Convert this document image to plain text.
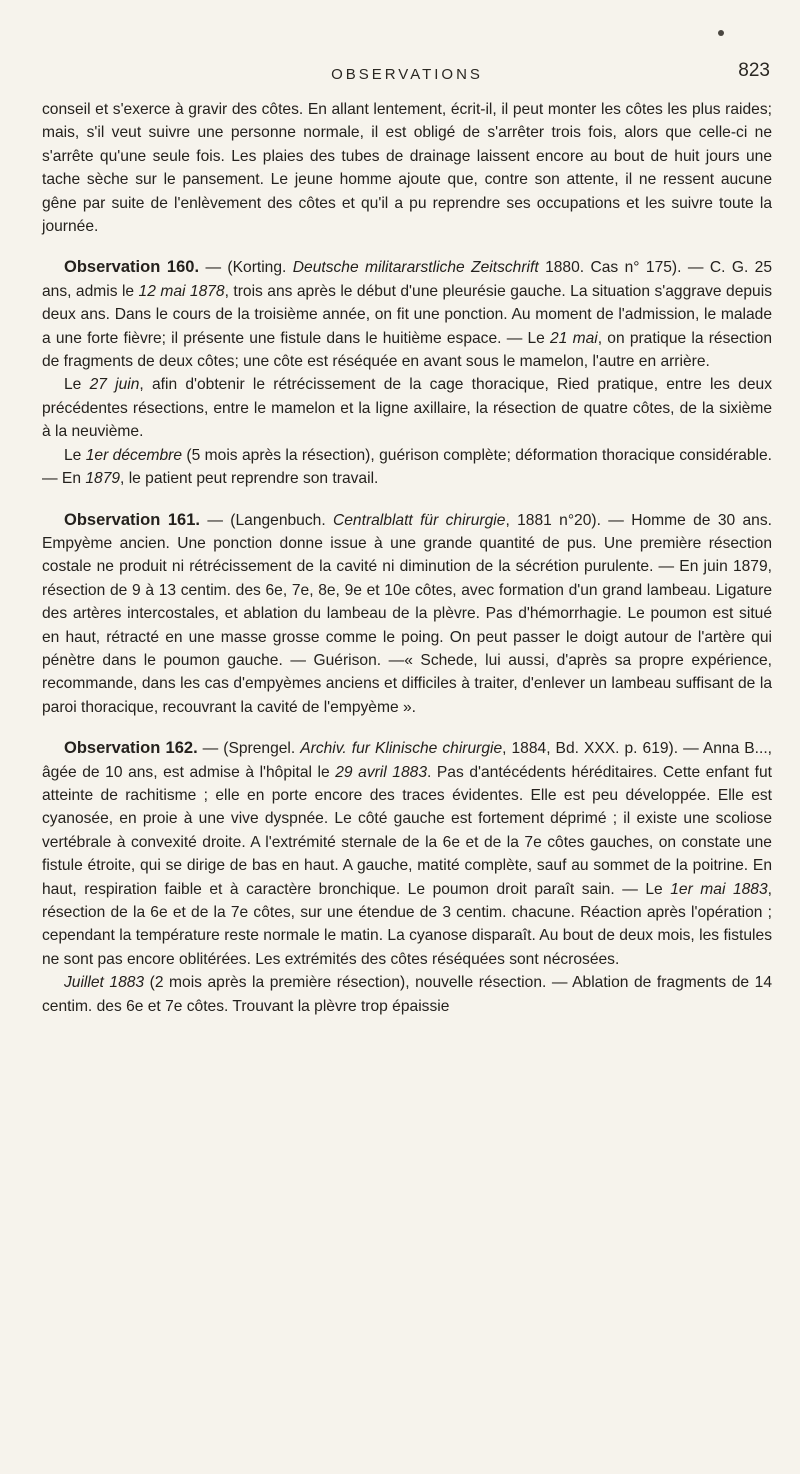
OBSERVATIONS	823

conseil et s'exerce à gravir des côtes. En allant lentement, écrit-il, il peut monter les côtes les plus raides; mais, s'il veut suivre une personne normale, il est obligé de s'arrêter trois fois, alors que celle-ci ne s'arrête qu'une seule fois. Les plaies des tubes de drainage laissent encore au bout de huit jours une tache sèche sur le pansement. Le jeune homme ajoute que, contre son attente, il ne ressent aucune gêne par suite de l'enlèvement des côtes et qu'il a pu reprendre ses occupations et les suivre toute la journée.

Observation 160. — (Korting. Deutsche militararstliche Zeitschrift 1880. Cas n° 175). — C. G. 25 ans, admis le 12 mai 1878, trois ans après le début d'une pleurésie gauche. La situation s'aggrave depuis deux ans. Dans le cours de la troisième année, on fit une ponction. Au moment de l'admission, le malade a une forte fièvre; il présente une fistule dans le huitième espace. — Le 21 mai, on pratique la résection de fragments de deux côtes; une côte est réséquée en avant sous le mamelon, l'autre en arrière.

Le 27 juin, afin d'obtenir le rétrécissement de la cage thoracique, Ried pratique, entre les deux précédentes résections, entre le mamelon et la ligne axillaire, la résection de quatre côtes, de la sixième à la neuvième.

Le 1er décembre (5 mois après la résection), guérison complète; déformation thoracique considérable. — En 1879, le patient peut reprendre son travail.

Observation 161. — (Langenbuch. Centralblatt für chirurgie, 1881 n°20). — Homme de 30 ans. Empyème ancien. Une ponction donne issue à une grande quantité de pus. Une première résection costale ne produit ni rétrécissement de la cavité ni diminution de la sécrétion purulente. — En juin 1879, résection de 9 à 13 centim. des 6e, 7e, 8e, 9e et 10e côtes, avec formation d'un grand lambeau. Ligature des artères intercostales, et ablation du lambeau de la plèvre. Pas d'hémorrhagie. Le poumon est situé en haut, rétracté en une masse grosse comme le poing. On peut passer le doigt autour de l'artère qui pénètre dans le poumon gauche. — Guérison. —« Schede, lui aussi, d'après sa propre expérience, recommande, dans les cas d'empyèmes anciens et difficiles à traiter, d'enlever un lambeau suffisant de la paroi thoracique, recouvrant la cavité de l'empyème ».

Observation 162. — (Sprengel. Archiv. fur Klinische chirurgie, 1884, Bd. XXX. p. 619). — Anna B..., âgée de 10 ans, est admise à l'hôpital le 29 avril 1883. Pas d'antécédents héréditaires. Cette enfant fut atteinte de rachitisme ; elle en porte encore des traces évidentes. Elle est peu développée. Elle est cyanosée, en proie à une vive dyspnée. Le côté gauche est fortement déprimé ; il existe une scoliose vertébrale à convexité droite. A l'extrémité sternale de la 6e et de la 7e côtes gauches, on constate une fistule étroite, qui se dirige de bas en haut. A gauche, matité complète, sauf au sommet de la poitrine. En haut, respiration faible et à caractère bronchique. Le poumon droit paraît sain. — Le 1er mai 1883, résection de la 6e et de la 7e côtes, sur une étendue de 3 centim. chacune. Réaction après l'opération ; cependant la température reste normale le matin. La cyanose disparaît. Au bout de deux mois, les fistules ne sont pas encore oblitérées. Les extrémités des côtes réséquées sont nécrosées.

Juillet 1883 (2 mois après la première résection), nouvelle résection. — Ablation de fragments de 14 centim. des 6e et 7e côtes. Trouvant la plèvre trop épaissie
